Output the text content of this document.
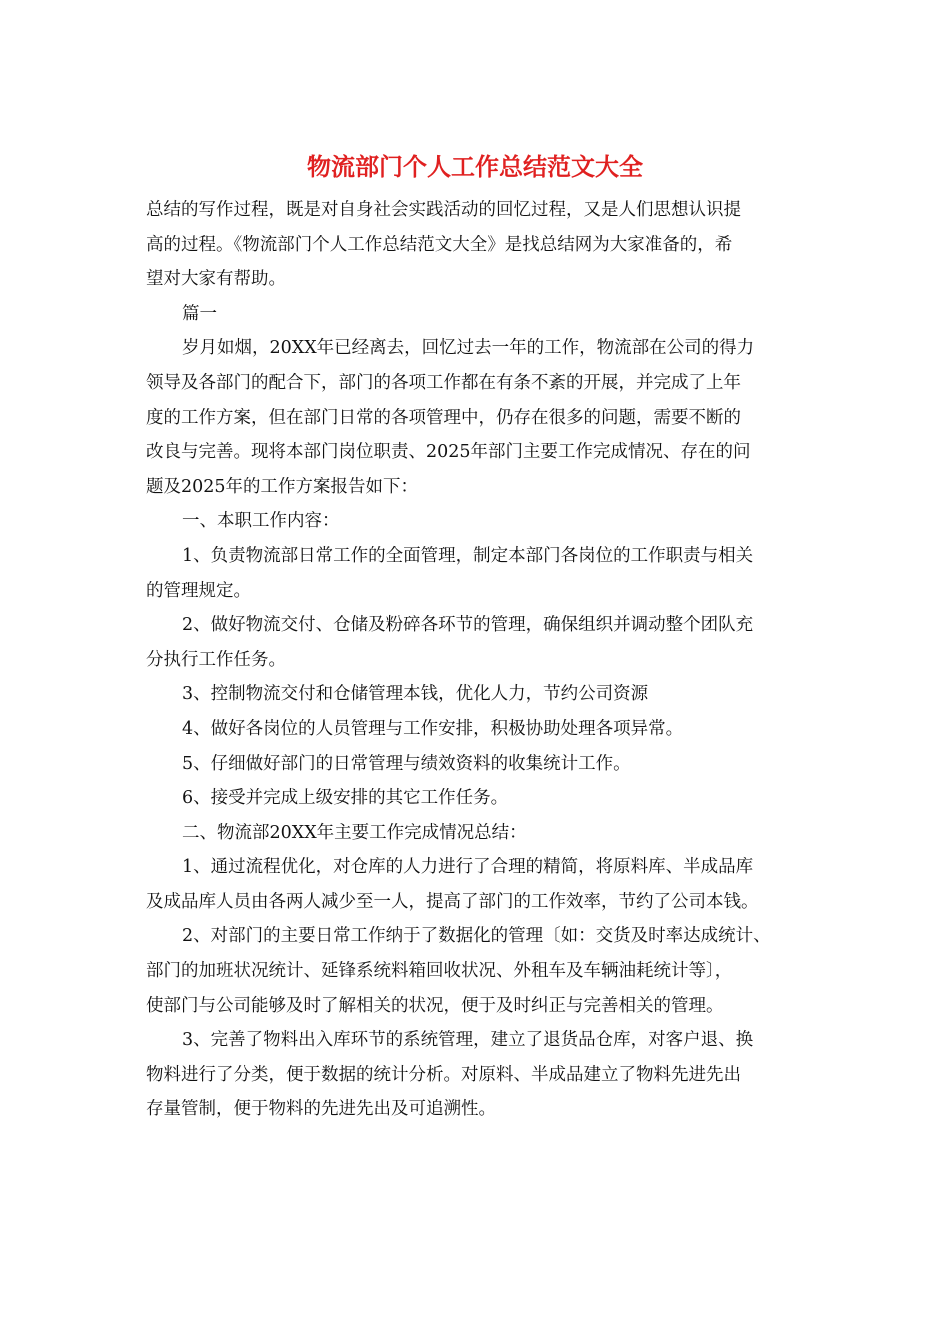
物流部门个人工作总结范文大全

总结的写作过程，既是对自身社会实践活动的回忆过程，又是人们思想认识提
高的过程。《物流部门个人工作总结范文大全》是找总结网为大家准备的，希
望对大家有帮助。

篇一

岁月如烟，20XX年已经离去，回忆过去一年的工作，物流部在公司的得力
领导及各部门的配合下，部门的各项工作都在有条不紊的开展，并完成了上年
度的工作方案，但在部门日常的各项管理中，仍存在很多的问题，需要不断的
改良与完善。现将本部门岗位职责、2025年部门主要工作完成情况、存在的问
题及2025年的工作方案报告如下：

一、本职工作内容：

1、负责物流部日常工作的全面管理，制定本部门各岗位的工作职责与相关
的管理规定。

2、做好物流交付、仓储及粉碎各环节的管理，确保组织并调动整个团队充
分执行工作任务。

3、控制物流交付和仓储管理本钱，优化人力，节约公司资源

4、做好各岗位的人员管理与工作安排，积极协助处理各项异常。

5、仔细做好部门的日常管理与绩效资料的收集统计工作。

6、接受并完成上级安排的其它工作任务。

二、物流部20XX年主要工作完成情况总结：

1、通过流程优化，对仓库的人力进行了合理的精简，将原料库、半成品库
及成品库人员由各两人减少至一人，提高了部门的工作效率，节约了公司本钱。

2、对部门的主要日常工作纳于了数据化的管理〔如：交货及时率达成统计、
部门的加班状况统计、延锋系统料箱回收状况、外租车及车辆油耗统计等〕，
使部门与公司能够及时了解相关的状况，便于及时纠正与完善相关的管理。

3、完善了物料出入库环节的系统管理，建立了退货品仓库，对客户退、换
物料进行了分类，便于数据的统计分析。对原料、半成品建立了物料先进先出
存量管制，便于物料的先进先出及可追溯性。
